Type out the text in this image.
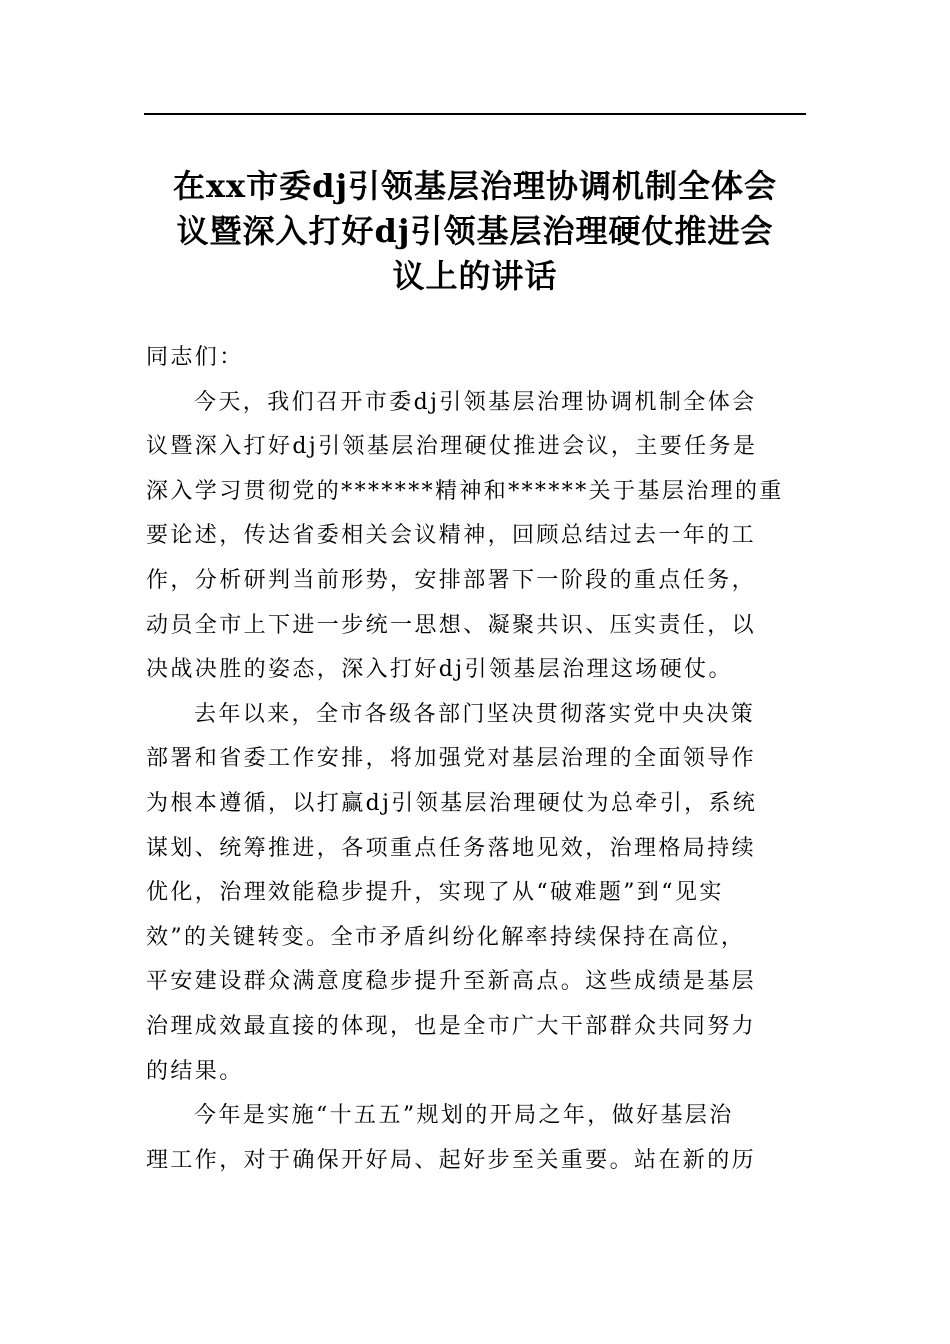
在xx市委dj引领基层治理协调机制全体会
议暨深入打好dj引领基层治理硬仗推进会
议上的讲话

同志们：

今天，我们召开市委dj引领基层治理协调机制全体会
议暨深入打好dj引领基层治理硬仗推进会议，主要任务是
深入学习贯彻党的*******精神和******关于基层治理的重
要论述，传达省委相关会议精神，回顾总结过去一年的工
作，分析研判当前形势，安排部署下一阶段的重点任务，
动员全市上下进一步统一思想、凝聚共识、压实责任，以
决战决胜的姿态，深入打好dj引领基层治理这场硬仗。

去年以来，全市各级各部门坚决贯彻落实党中央决策
部署和省委工作安排，将加强党对基层治理的全面领导作
为根本遵循，以打赢dj引领基层治理硬仗为总牵引，系统
谋划、统筹推进，各项重点任务落地见效，治理格局持续
优化，治理效能稳步提升，实现了从“破难题”到“见实
效”的关键转变。全市矛盾纠纷化解率持续保持在高位，
平安建设群众满意度稳步提升至新高点。这些成绩是基层
治理成效最直接的体现，也是全市广大干部群众共同努力
的结果。

今年是实施“十五五”规划的开局之年，做好基层治
理工作，对于确保开好局、起好步至关重要。站在新的历
